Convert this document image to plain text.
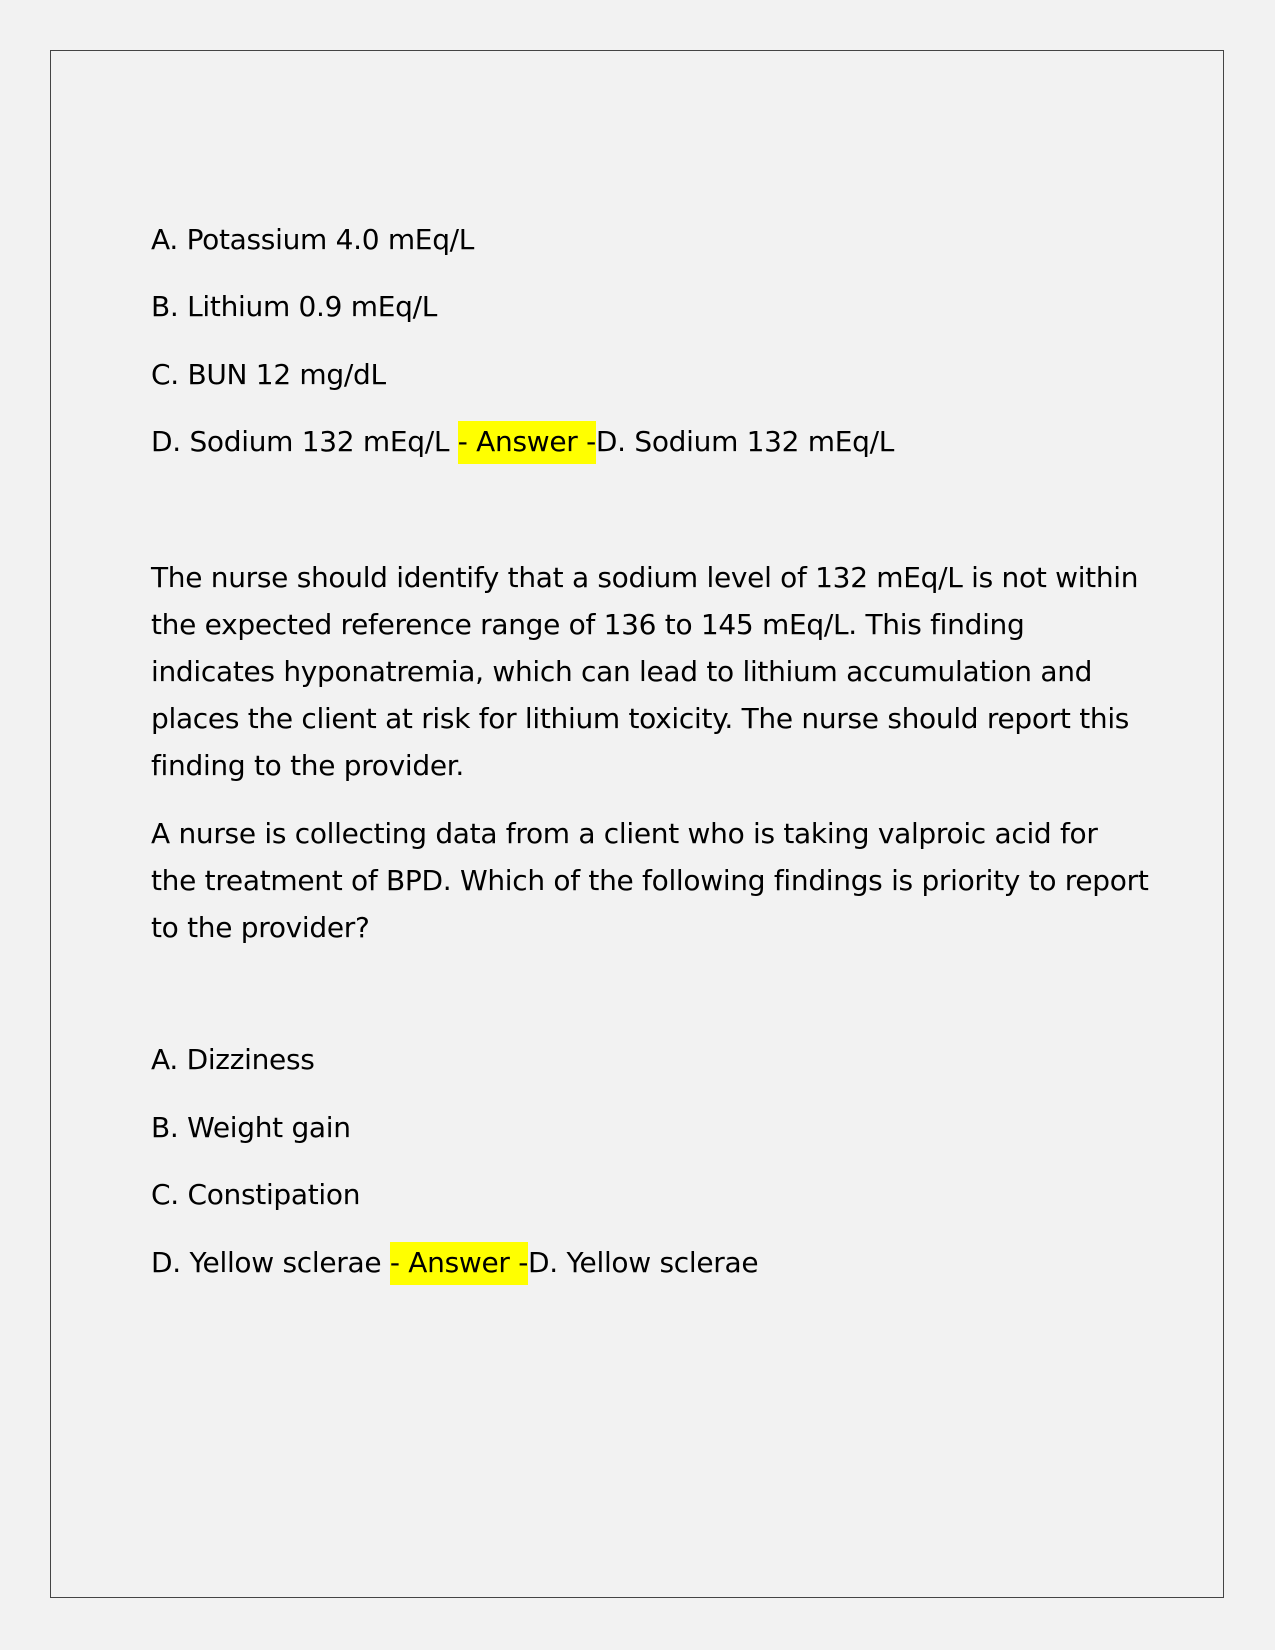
A. Potassium 4.0 mEq/L
B. Lithium 0.9 mEq/L
C. BUN 12 mg/dL
D. Sodium 132 mEq/L - Answer -D. Sodium 132 mEq/L

The nurse should identify that a sodium level of 132 mEq/L is not within the expected reference range of 136 to 145 mEq/L. This finding indicates hyponatremia, which can lead to lithium accumulation and places the client at risk for lithium toxicity. The nurse should report this finding to the provider.

A nurse is collecting data from a client who is taking valproic acid for the treatment of BPD. Which of the following findings is priority to report to the provider?

A. Dizziness
B. Weight gain
C. Constipation
D. Yellow sclerae - Answer -D. Yellow sclerae
